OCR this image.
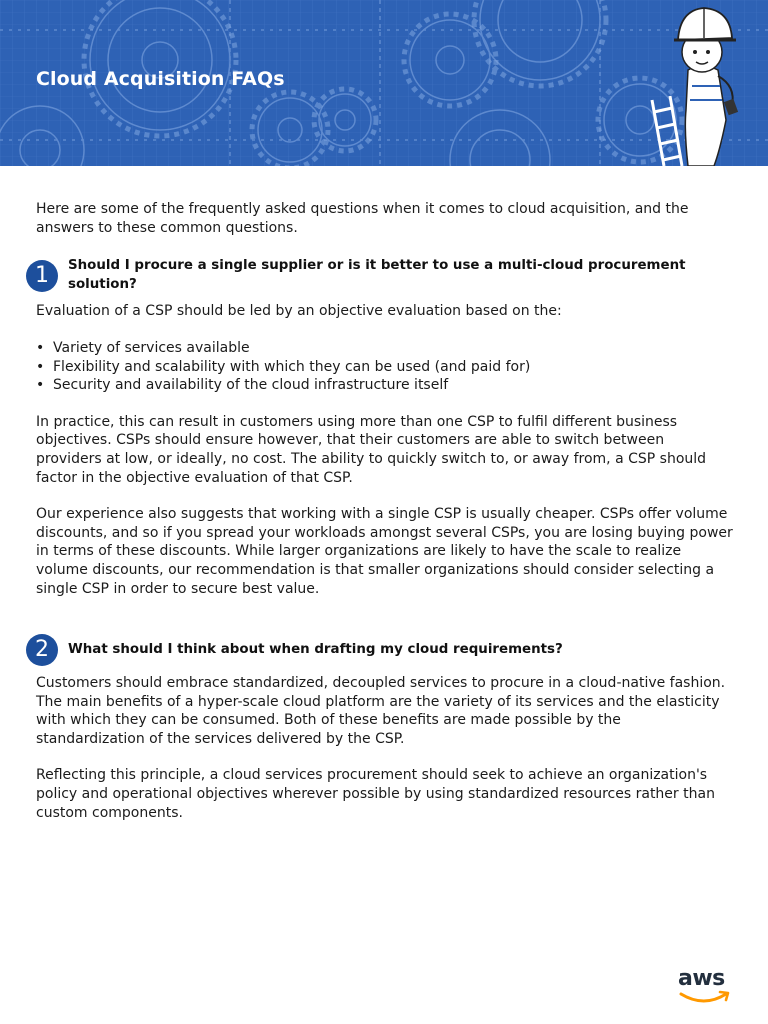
Cloud Acquisition FAQs

Here are some of the frequently asked questions when it comes to cloud acquisition, and the answers to these common questions.

1	Should I procure a single supplier or is it better to use a multi-cloud procurement solution?

Evaluation of a CSP should be led by an objective evaluation based on the:

• Variety of services available
• Flexibility and scalability with which they can be used (and paid for)
• Security and availability of the cloud infrastructure itself

In practice, this can result in customers using more than one CSP to fulfil different business objectives. CSPs should ensure however, that their customers are able to switch between providers at low, or ideally, no cost. The ability to quickly switch to, or away from, a CSP should factor in the objective evaluation of that CSP.

Our experience also suggests that working with a single CSP is usually cheaper. CSPs offer volume discounts, and so if you spread your workloads amongst several CSPs, you are losing buying power in terms of these discounts. While larger organizations are likely to have the scale to realize volume discounts, our recommendation is that smaller organizations should consider selecting a single CSP in order to secure best value.

2	What should I think about when drafting my cloud requirements?

Customers should embrace standardized, decoupled services to procure in a cloud-native fashion. The main benefits of a hyper-scale cloud platform are the variety of its services and the elasticity with which they can be consumed. Both of these benefits are made possible by the standardization of the services delivered by the CSP.

Reflecting this principle, a cloud services procurement should seek to achieve an organization's policy and operational objectives wherever possible by using standardized resources rather than custom components.

aws
